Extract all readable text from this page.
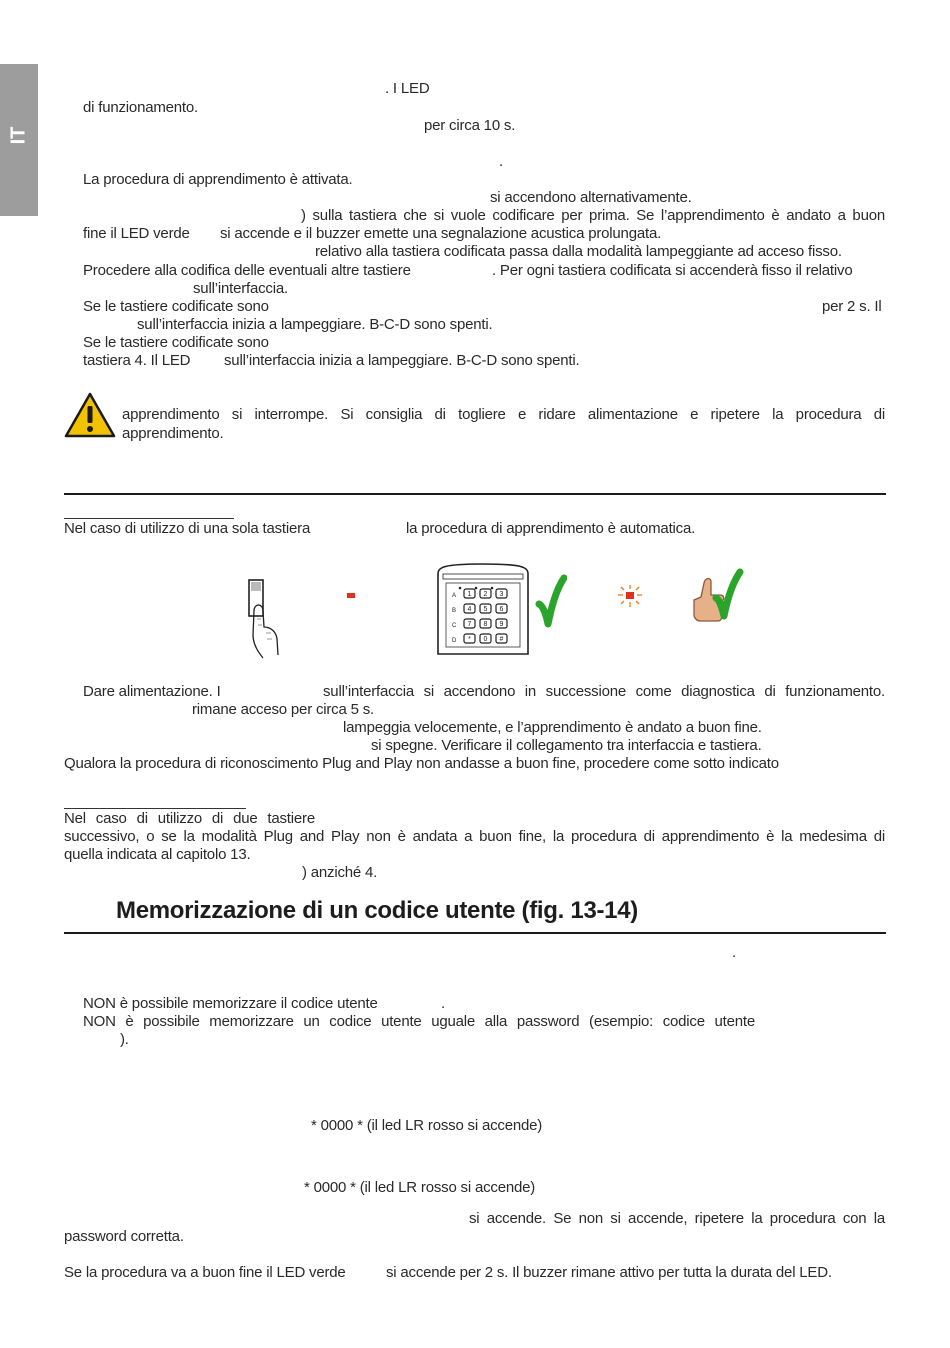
IT
. I LED
di funzionamento.
per circa 10 s.
.
La procedura di apprendimento è attivata.
si accendono alternativamente.
) sulla tastiera che si vuole codificare per prima. Se l’apprendimento è andato a buon
fine il LED verde si accende e il buzzer emette una segnalazione acustica prolungata.
relativo alla tastiera codificata passa dalla modalità lampeggiante ad acceso fisso.
Procedere alla codifica delle eventuali altre tastiere	. Per ogni tastiera codificata si accenderà fisso il relativo
sull’interfaccia.
Se le tastiere codificate sono	per 2 s. Il
sull’interfaccia inizia a lampeggiare. B-C-D sono spenti.
Se le tastiere codificate sono
tastiera 4. Il LED sull’interfaccia inizia a lampeggiare. B-C-D sono spenti.
apprendimento si interrompe. Si consiglia di togliere e ridare alimentazione e ripetere la procedura di
apprendimento.
Nel caso di utilizzo di una sola tastiera	la procedura di apprendimento è automatica.
A 1 2 3
B 4 5 6
C 7 8 9
D * 0 #
Dare alimentazione. I	sull’interfaccia si accendono in successione come diagnostica di funzionamento.
rimane acceso per circa 5 s.
lampeggia velocemente, e l’apprendimento è andato a buon fine.
si spegne. Verificare il collegamento tra interfaccia e tastiera.
Qualora la procedura di riconoscimento Plug and Play non andasse a buon fine, procedere come sotto indicato
Nel caso di utilizzo di due tastiere
successivo, o se la modalità Plug and Play non è andata a buon fine, la procedura di apprendimento è la medesima di
quella indicata al capitolo 13.
) anziché 4.
Memorizzazione di un codice utente (fig. 13-14)
.
NON è possibile memorizzare il codice utente	.
NON è possibile memorizzare un codice utente uguale alla password (esempio: codice utente
).
* 0000 * (il led LR rosso si accende)
* 0000 * (il led LR rosso si accende)
si accende. Se non si accende, ripetere la procedura con la
password corretta.
Se la procedura va a buon fine il LED verde	si accende per 2 s. Il buzzer rimane attivo per tutta la durata del LED.
